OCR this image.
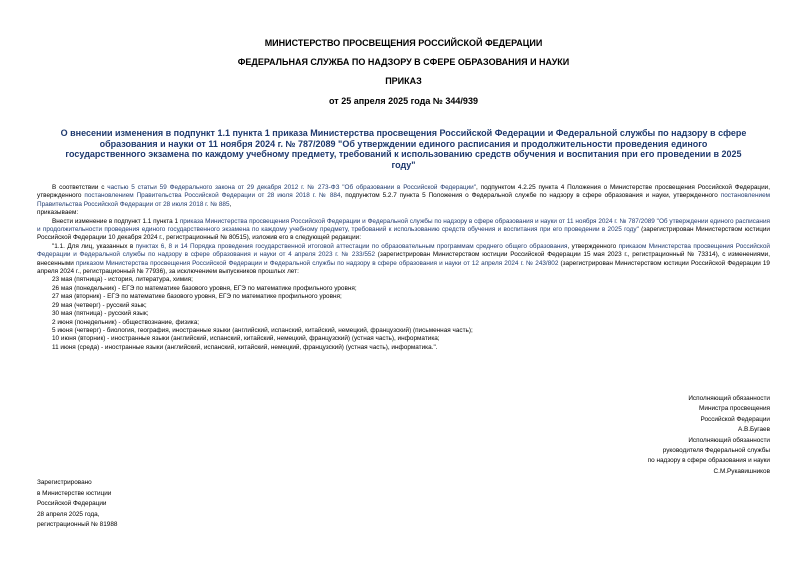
МИНИСТЕРСТВО ПРОСВЕЩЕНИЯ РОССИЙСКОЙ ФЕДЕРАЦИИ
ФЕДЕРАЛЬНАЯ СЛУЖБА ПО НАДЗОРУ В СФЕРЕ ОБРАЗОВАНИЯ И НАУКИ
ПРИКАЗ
от 25 апреля 2025 года № 344/939
О внесении изменения в подпункт 1.1 пункта 1 приказа Министерства просвещения Российской Федерации и Федеральной службы по надзору в сфере образования и науки от 11 ноября 2024 г. № 787/2089 "Об утверждении единого расписания и продолжительности проведения единого государственного экзамена по каждому учебному предмету, требований к использованию средств обучения и воспитания при его проведении в 2025 году"

В соответствии с частью 5 статьи 59 Федерального закона от 29 декабря 2012 г. № 273-ФЗ "Об образовании в Российской Федерации", подпунктом 4.2.25 пункта 4 Положения о Министерстве просвещения Российской Федерации, утвержденного постановлением Правительства Российской Федерации от 28 июля 2018 г. № 884, подпунктом 5.2.7 пункта 5 Положения о Федеральной службе по надзору в сфере образования и науки, утвержденного постановлением Правительства Российской Федерации от 28 июля 2018 г. № 885,

приказываем:

Внести изменение в подпункт 1.1 пункта 1 приказа Министерства просвещения Российской Федерации и Федеральной службы по надзору в сфере образования и науки от 11 ноября 2024 г. № 787/2089 "Об утверждении единого расписания и продолжительности проведения единого государственного экзамена по каждому учебному предмету, требований к использованию средств обучения и воспитания при его проведении в 2025 году" (зарегистрирован Министерством юстиции Российской Федерации 10 декабря 2024 г., регистрационный № 80515), изложив его в следующей редакции:

"1.1. Для лиц, указанных в пунктах 6, 8 и 14 Порядка проведения государственной итоговой аттестации по образовательным программам среднего общего образования, утвержденного приказом Министерства просвещения Российской Федерации и Федеральной службы по надзору в сфере образования и науки от 4 апреля 2023 г. № 233/552 (зарегистрирован Министерством юстиции Российской Федерации 15 мая 2023 г., регистрационный № 73314), с изменениями, внесенными приказом Министерства просвещения Российской Федерации и Федеральной службы по надзору в сфере образования и науки от 12 апреля 2024 г. № 243/802 (зарегистрирован Министерством юстиции Российской Федерации 19 апреля 2024 г., регистрационный № 77936), за исключением выпускников прошлых лет:

23 мая (пятница) - история, литература, химия;

26 мая (понедельник) - ЕГЭ по математике базового уровня, ЕГЭ по математике профильного уровня;

27 мая (вторник) - ЕГЭ по математике базового уровня, ЕГЭ по математике профильного уровня;

29 мая (четверг) - русский язык;

30 мая (пятница) - русский язык;

2 июня (понедельник) - обществознание, физика;

5 июня (четверг) - биология, география, иностранные языки (английский, испанский, китайский, немецкий, французский) (письменная часть);

10 июня (вторник) - иностранные языки (английский, испанский, китайский, немецкий, французский) (устная часть), информатика;

11 июня (среда) - иностранные языки (английский, испанский, китайский, немецкий, французский) (устная часть), информатика.".

Исполняющий обязанности
Министра просвещения
Российской Федерации
А.В.Бугаев
Исполняющий обязанности
руководителя Федеральной службы
по надзору в сфере образования и науки
С.М.Рукавишников
Зарегистрировано
в Министерстве юстиции
Российской Федерации
28 апреля 2025 года,
регистрационный № 81988
